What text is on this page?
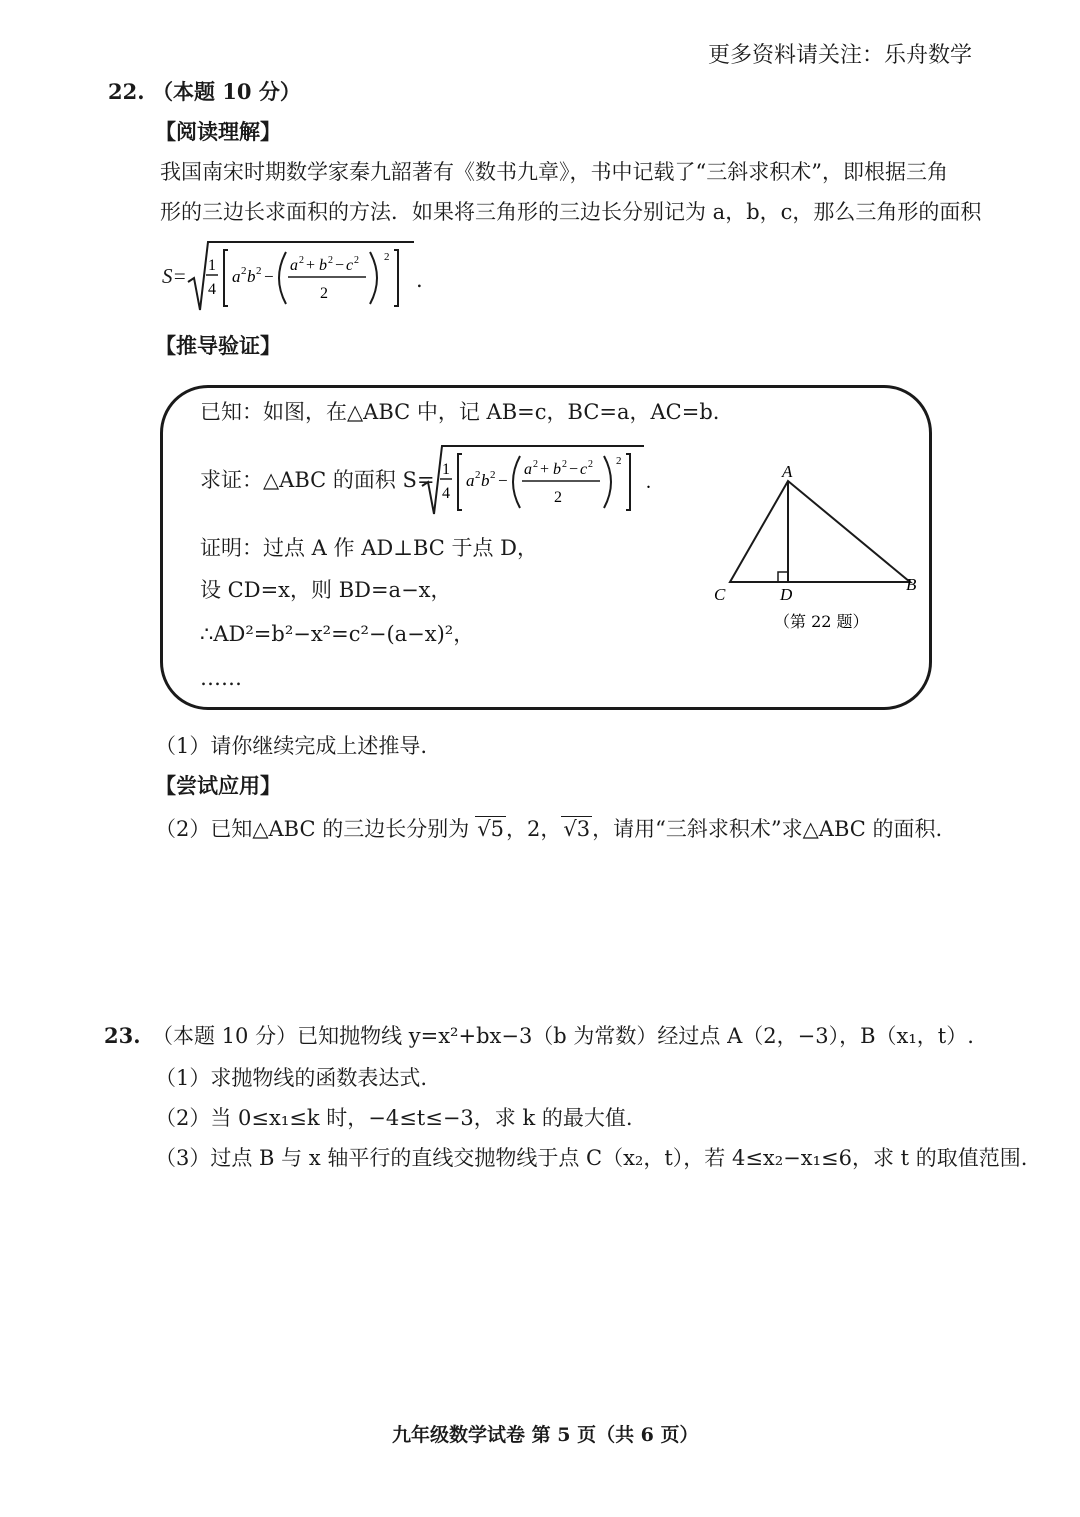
更多资料请关注：乐舟数学
22. （本题 10 分）
【阅读理解】
我国南宋时期数学家秦九韶著有《数书九章》，书中记载了“三斜求积术”，即根据三角
形的三边长求面积的方法．如果将三角形的三边长分别记为 a，b，c，那么三角形的面积
S= 1
4
a 2 b 2 −
a 2 + b 2 − c 2
2
2
.
【推导验证】
已知：如图，在△ABC 中，记 AB=c，BC=a，AC=b.
求证：△ABC 的面积 S= 1
4
a 2 b 2 −
a 2 + b 2 − c 2
2
2
.
证明：过点 A 作 AD⊥BC 于点 D，
设 CD=x，则 BD=a−x，
∴AD²=b²−x²=c²−(a−x)²，
……
A
C	D
B
（第 22 题）
（1）请你继续完成上述推导.
【尝试应用】
（2）已知△ABC 的三边长分别为 √5，2，√3，请用“三斜求积术”求△ABC 的面积.
23. （本题 10 分）已知抛物线 y=x²+bx−3（b 为常数）经过点 A（2，−3），B（x₁，t）.
（1）求抛物线的函数表达式.
（2）当 0≤x₁≤k 时，−4≤t≤−3，求 k 的最大值.
（3）过点 B 与 x 轴平行的直线交抛物线于点 C（x₂，t），若 4≤x₂−x₁≤6，求 t 的取值范围.
九年级数学试卷 第 5 页（共 6 页）
